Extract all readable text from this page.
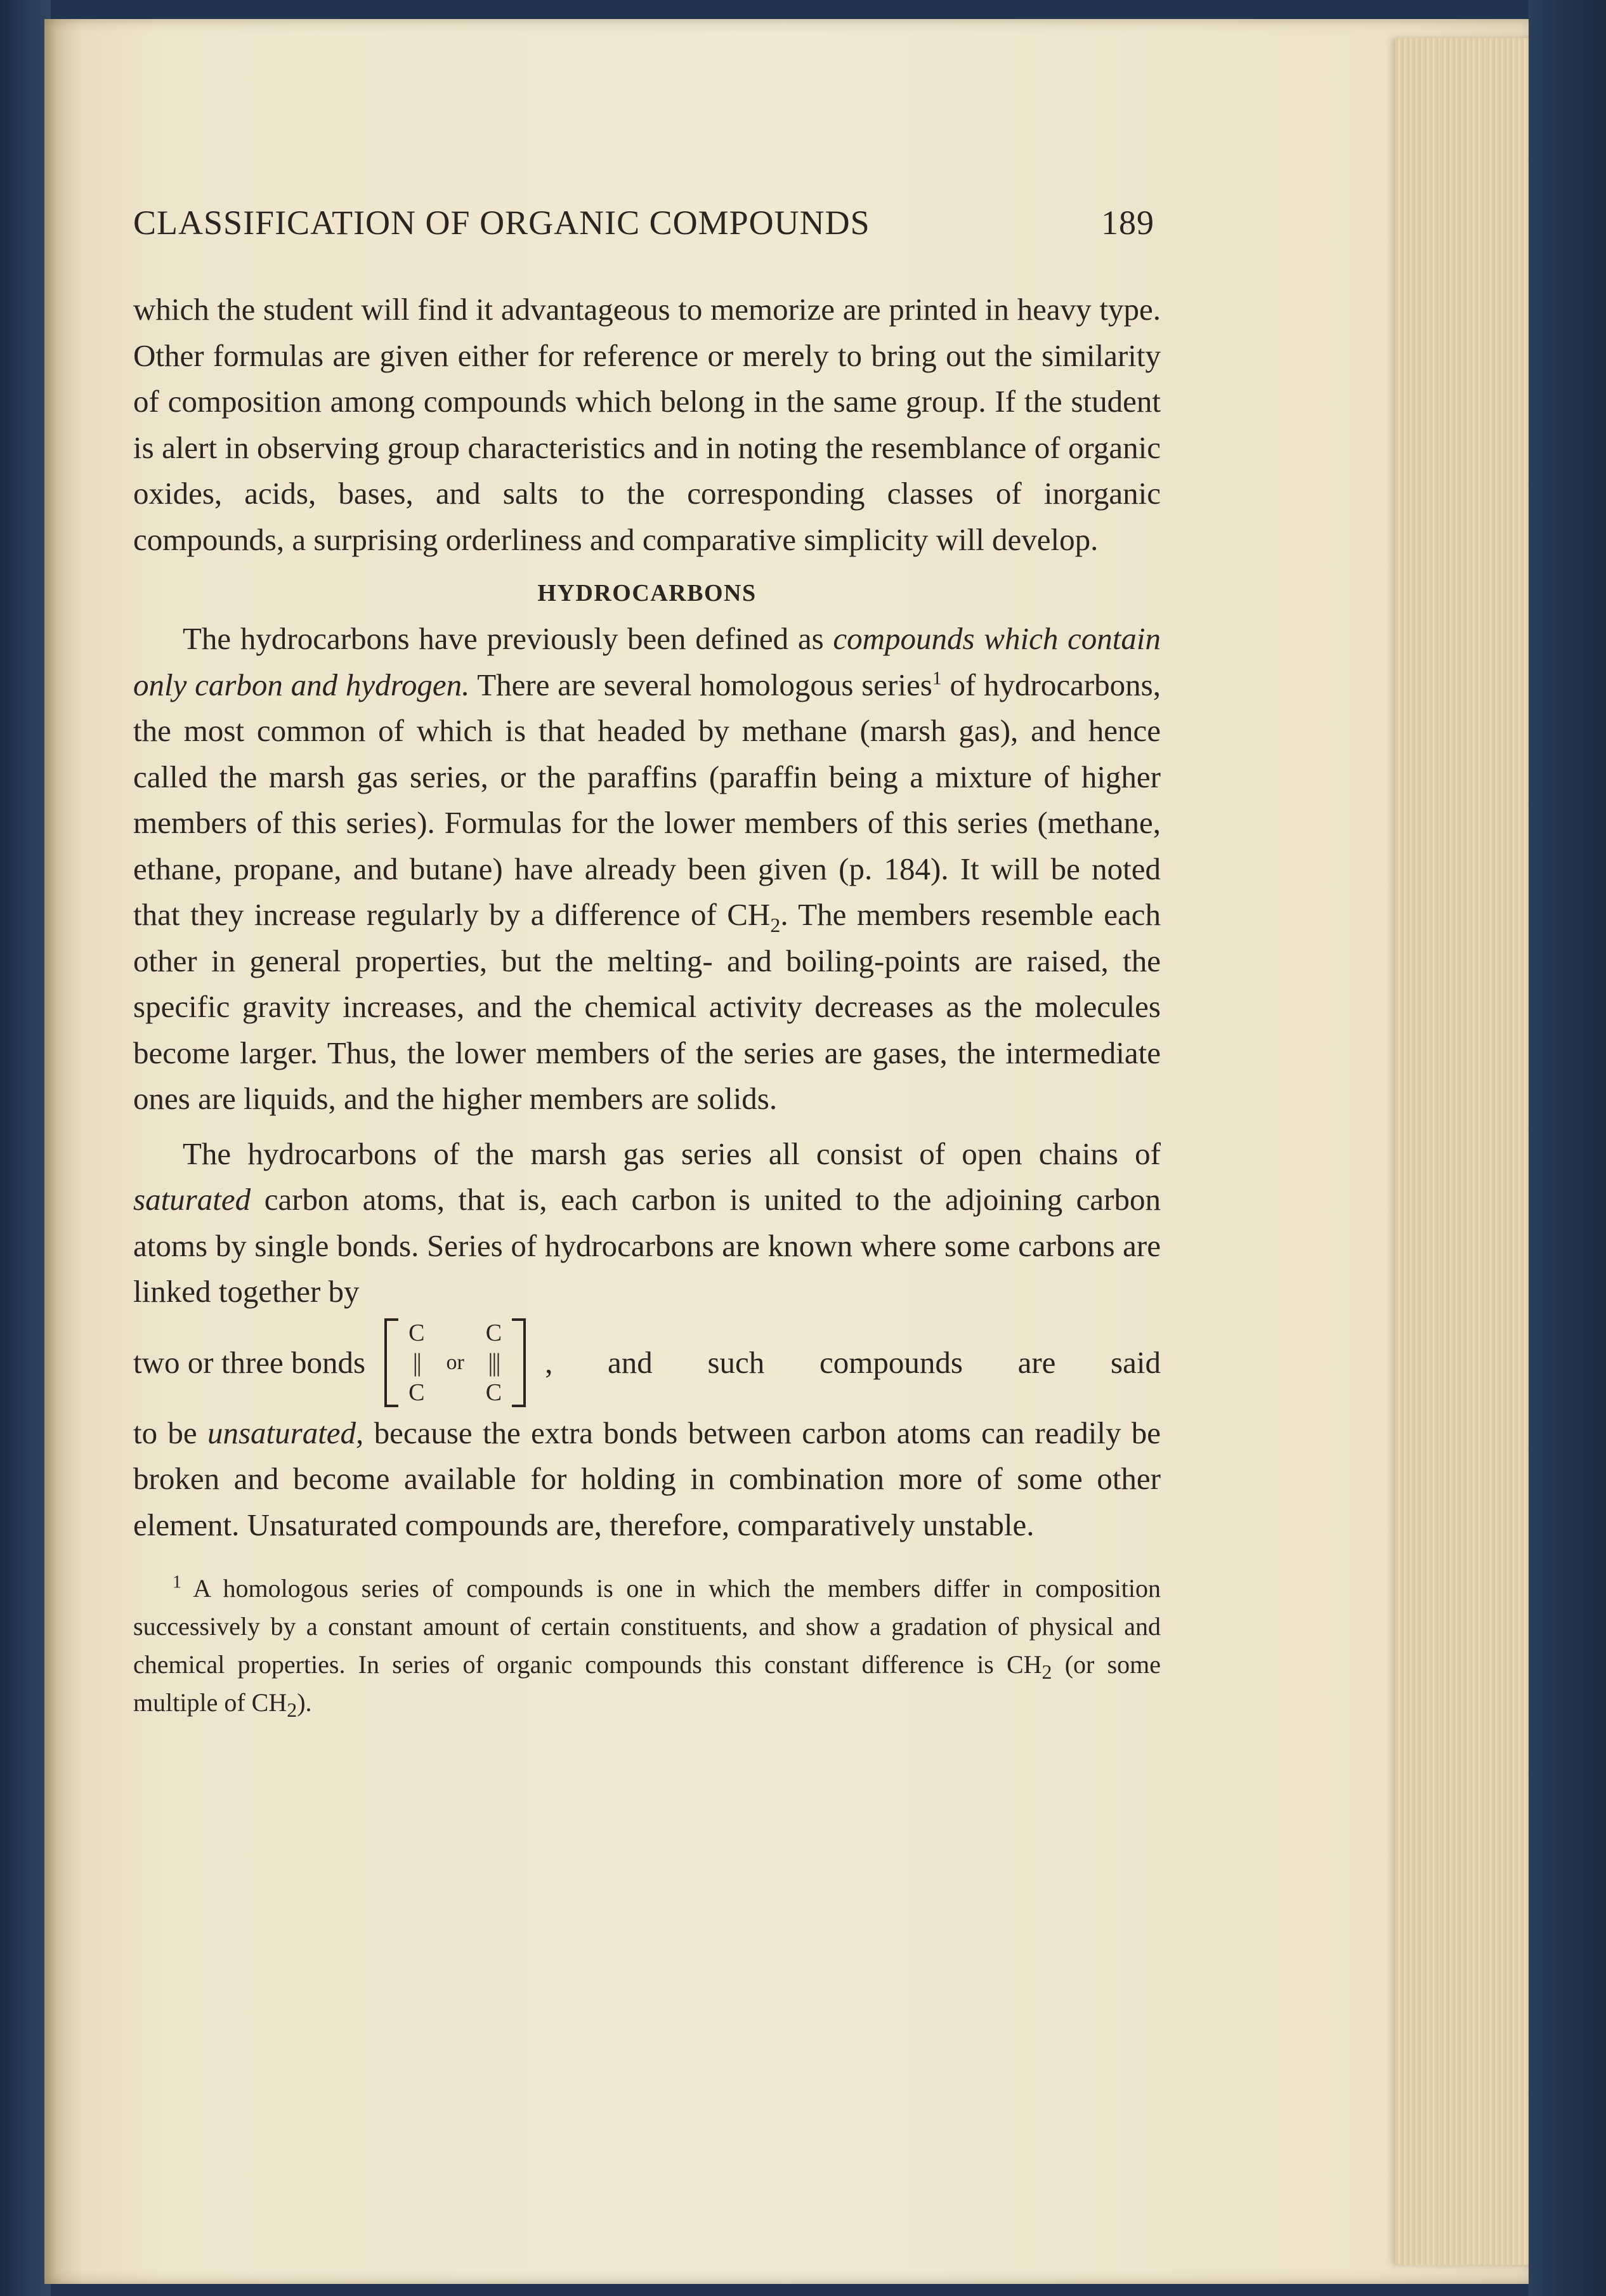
CLASSIFICATION OF ORGANIC COMPOUNDS	189

which the student will find it advantageous to memorize are printed in heavy type. Other formulas are given either for reference or merely to bring out the similarity of composition among compounds which belong in the same group. If the student is alert in observing group characteristics and in noting the resemblance of organic oxides, acids, bases, and salts to the corresponding classes of inorganic compounds, a surprising orderliness and comparative simplicity will develop.

HYDROCARBONS

The hydrocarbons have previously been defined as compounds which contain only carbon and hydrogen. There are several homologous series$^1$ of hydrocarbons, the most common of which is that headed by methane (marsh gas), and hence called the marsh gas series, or the paraffins (paraffin being a mixture of higher members of this series). Formulas for the lower members of this series (methane, ethane, propane, and butane) have already been given (p. 184). It will be noted that they increase regularly by a difference of $CH_2$. The members resemble each other in general properties, but the melting- and boiling-points are raised, the specific gravity increases, and the chemical activity decreases as the molecules become larger. Thus, the lower members of the series are gases, the intermediate ones are liquids, and the higher members are solids.

The hydrocarbons of the marsh gas series all consist of open chains of saturated carbon atoms, that is, each carbon is united to the adjoining carbon atoms by single bonds. Series of hydrocarbons are known where some carbons are linked together by

two or three bonds
C
||
C
or
C
|||
C
, and such compounds are said

to be unsaturated, because the extra bonds between carbon atoms can readily be broken and become available for holding in combination more of some other element. Unsaturated compounds are, therefore, comparatively unstable.

$^1$ A homologous series of compounds is one in which the members differ in composition successively by a constant amount of certain constituents, and show a gradation of physical and chemical properties. In series of organic compounds this constant difference is $CH_2$ (or some multiple of $CH_2$).
